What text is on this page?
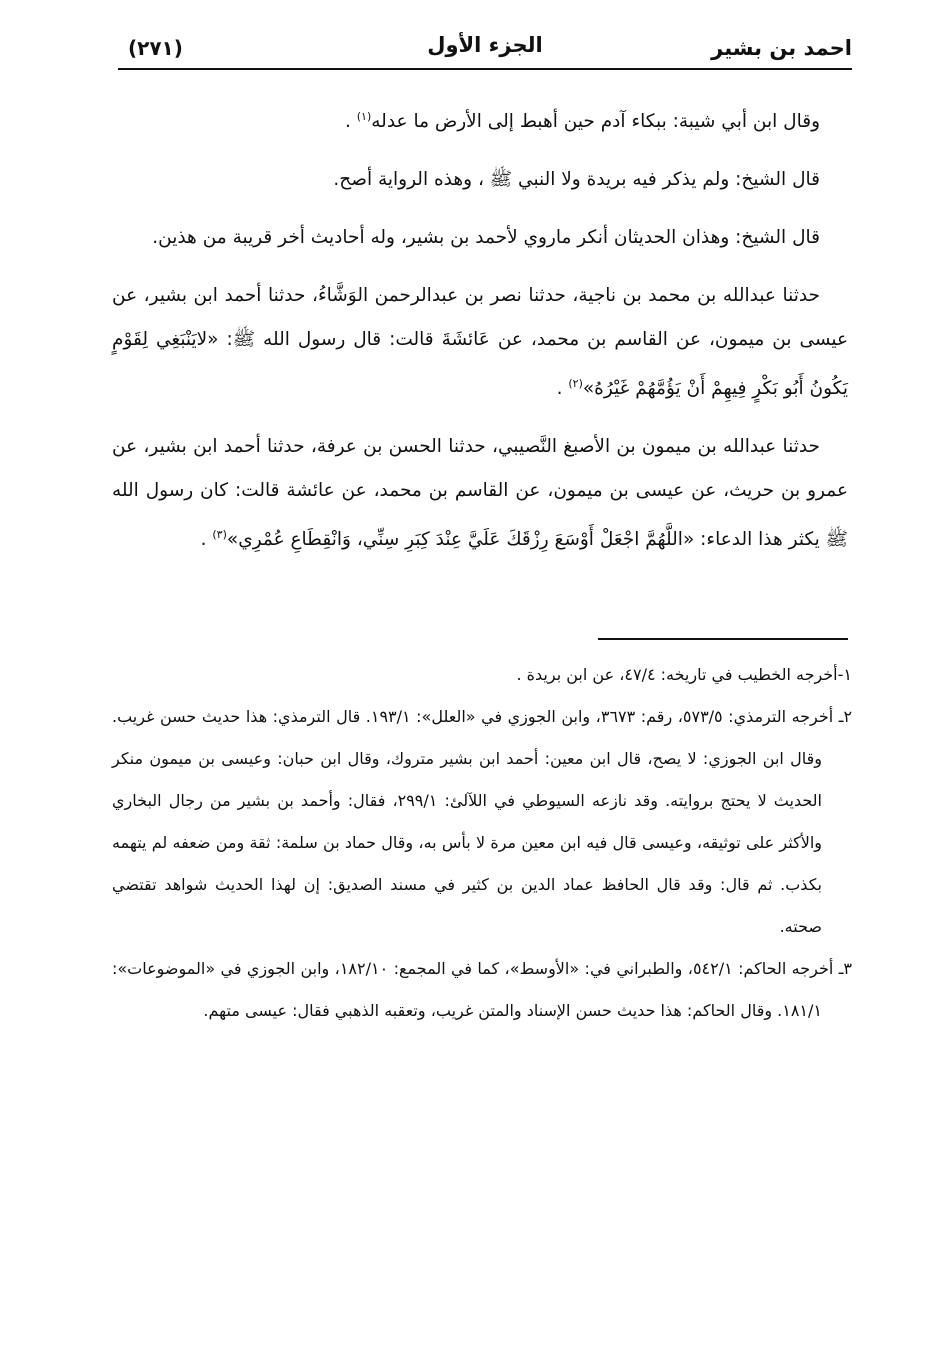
احمد بن بشير
الجزء الأول
(٢٧١)

وقال ابن أبي شيبة: ببكاء آدم حين أهبط إلى الأرض ما عدله$^{(١)}$ .

قال الشيخ: ولم يذكر فيه بريدة ولا النبي ﷺ ، وهذه الرواية أصح.

قال الشيخ: وهذان الحديثان أنكر ماروي لأحمد بن بشير، وله أحاديث أخر قريبة من هذين.

حدثنا عبدالله بن محمد بن ناجية، حدثنا نصر بن عبدالرحمن الوَشَّاءُ، حدثنا أحمد ابن بشير، عن عيسى بن ميمون، عن القاسم بن محمد، عن عَائشَةَ قالت: قال رسول الله ﷺ: «لايَنْبَغِي لِقَوْمٍ يَكُونُ أَبُو بَكْرٍ فِيهِمْ أَنْ يَؤُمَّهُمْ غَيْرُهُ»$^{(٢)}$ .

حدثنا عبدالله بن ميمون بن الأصبغ النَّصيبي، حدثنا الحسن بن عرفة، حدثنا أحمد ابن بشير، عن عمرو بن حريث، عن عيسى بن ميمون، عن القاسم بن محمد، عن عائشة قالت: كان رسول الله ﷺ يكثر هذا الدعاء: «اللَّهُمَّ اجْعَلْ أَوْسَعَ رِزْقَكَ عَلَيَّ عِنْدَ كِبَرِ سِنِّي، وَانْقِطَاعِ عُمْرِي»$^{(٣)}$ .

١-أخرجه الخطيب في تاريخه: ٤٧/٤، عن ابن بريدة .

٢ـ أخرجه الترمذي: ٥٧٣/٥، رقم: ٣٦٧٣، وابن الجوزي في «العلل»: ١٩٣/١. قال الترمذي: هذا حديث حسن غريب. وقال ابن الجوزي: لا يصح، قال ابن معين: أحمد ابن بشير متروك، وقال ابن حبان: وعيسى بن ميمون منكر الحديث لا يحتج بروايته. وقد نازعه السيوطي في اللآلئ: ٢٩٩/١، فقال: وأحمد بن بشير من رجال البخاري والأكثر على توثيقه، وعيسى قال فيه ابن معين مرة لا بأس به، وقال حماد بن سلمة: ثقة ومن ضعفه لم يتهمه بكذب. ثم قال: وقد قال الحافظ عماد الدين بن كثير في مسند الصديق: إن لهذا الحديث شواهد تقتضي صحته.

٣ـ أخرجه الحاكم: ٥٤٢/١، والطبراني في: «الأوسط»، كما في المجمع: ١٨٢/١٠، وابن الجوزي في «الموضوعات»: ١٨١/١. وقال الحاكم: هذا حديث حسن الإسناد والمتن غريب، وتعقبه الذهبي فقال: عيسى متهم.
